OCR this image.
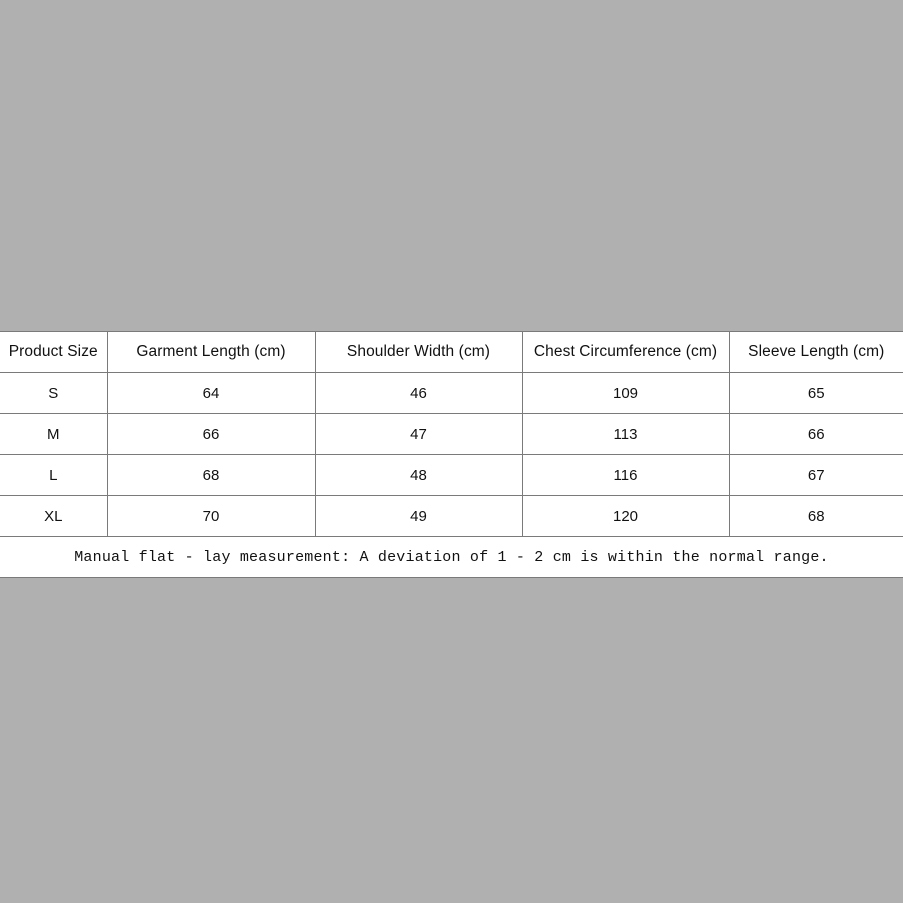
Product Size	Garment Length (cm)	Shoulder Width (cm)	Chest Circumference (cm)	Sleeve Length (cm)
S	64	46	109	65
M	66	47	113	66
L	68	48	116	67
XL	70	49	120	68
Manual flat - lay measurement: A deviation of 1 - 2 cm is within the normal range.				
